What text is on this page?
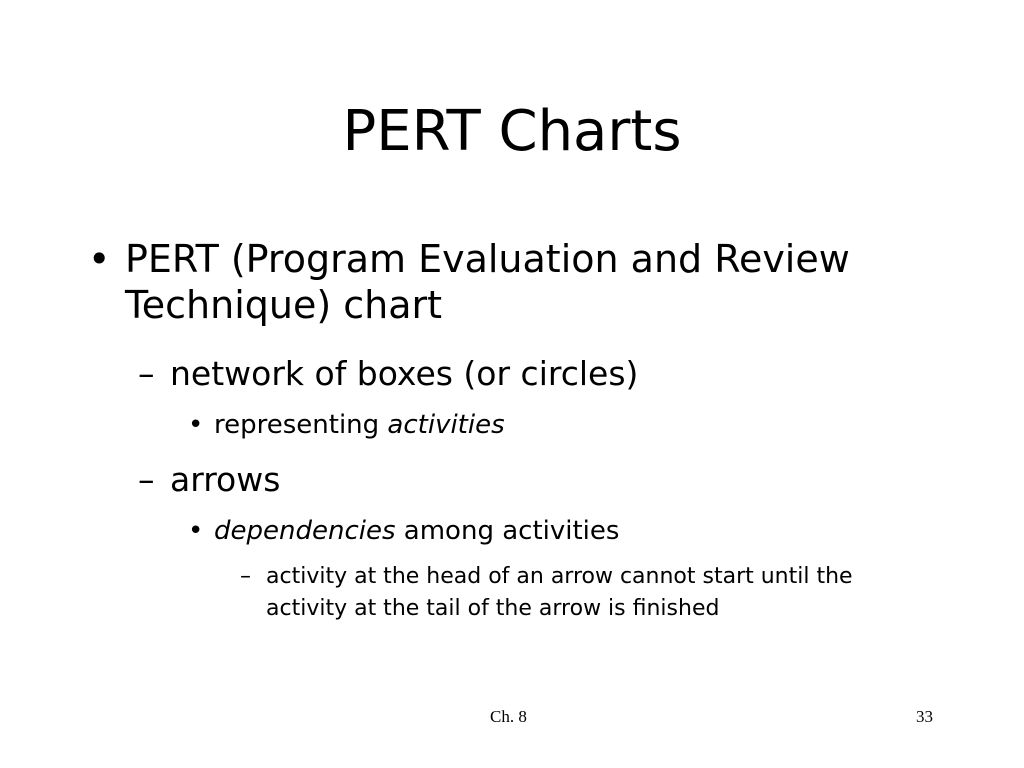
PERT Charts
• PERT (Program Evaluation and Review
Technique) chart
– network of boxes (or circles)
• representing activities
– arrows
• dependencies among activities
– activity at the head of an arrow cannot start until the
activity at the tail of the arrow is finished
Ch. 8	33
